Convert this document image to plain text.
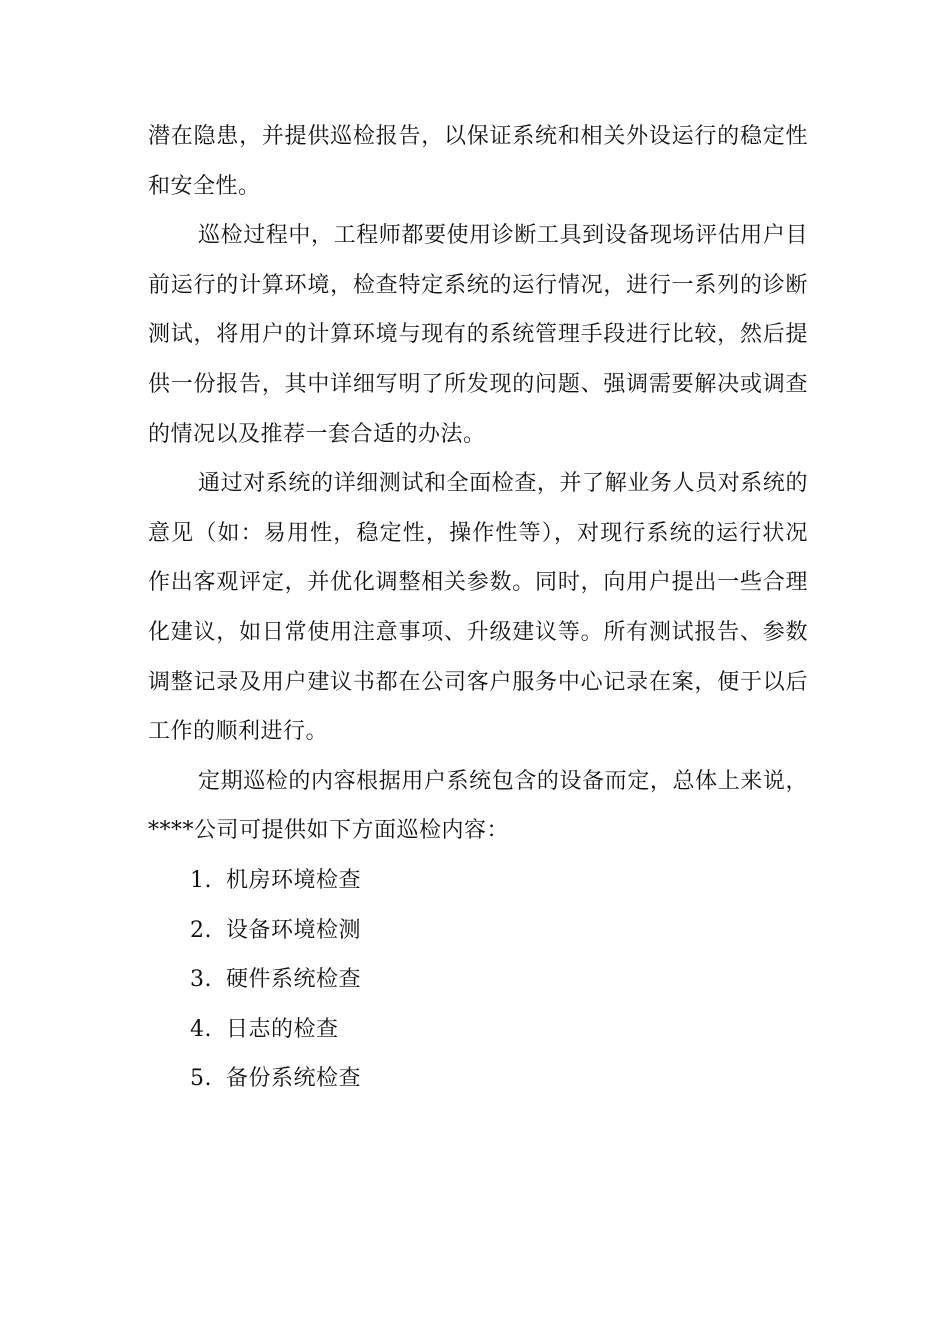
潜在隐患，并提供巡检报告，以保证系统和相关外设运行的稳定性和安全性。

巡检过程中，工程师都要使用诊断工具到设备现场评估用户目前运行的计算环境，检查特定系统的运行情况，进行一系列的诊断测试，将用户的计算环境与现有的系统管理手段进行比较，然后提供一份报告，其中详细写明了所发现的问题、强调需要解决或调查的情况以及推荐一套合适的办法。

通过对系统的详细测试和全面检查，并了解业务人员对系统的意见（如：易用性，稳定性，操作性等），对现行系统的运行状况作出客观评定，并优化调整相关参数。同时，向用户提出一些合理化建议，如日常使用注意事项、升级建议等。所有测试报告、参数调整记录及用户建议书都在公司客户服务中心记录在案，便于以后工作的顺利进行。

定期巡检的内容根据用户系统包含的设备而定，总体上来说，****公司可提供如下方面巡检内容：

1. 机房环境检查
2. 设备环境检测
3. 硬件系统检查
4. 日志的检查
5. 备份系统检查
